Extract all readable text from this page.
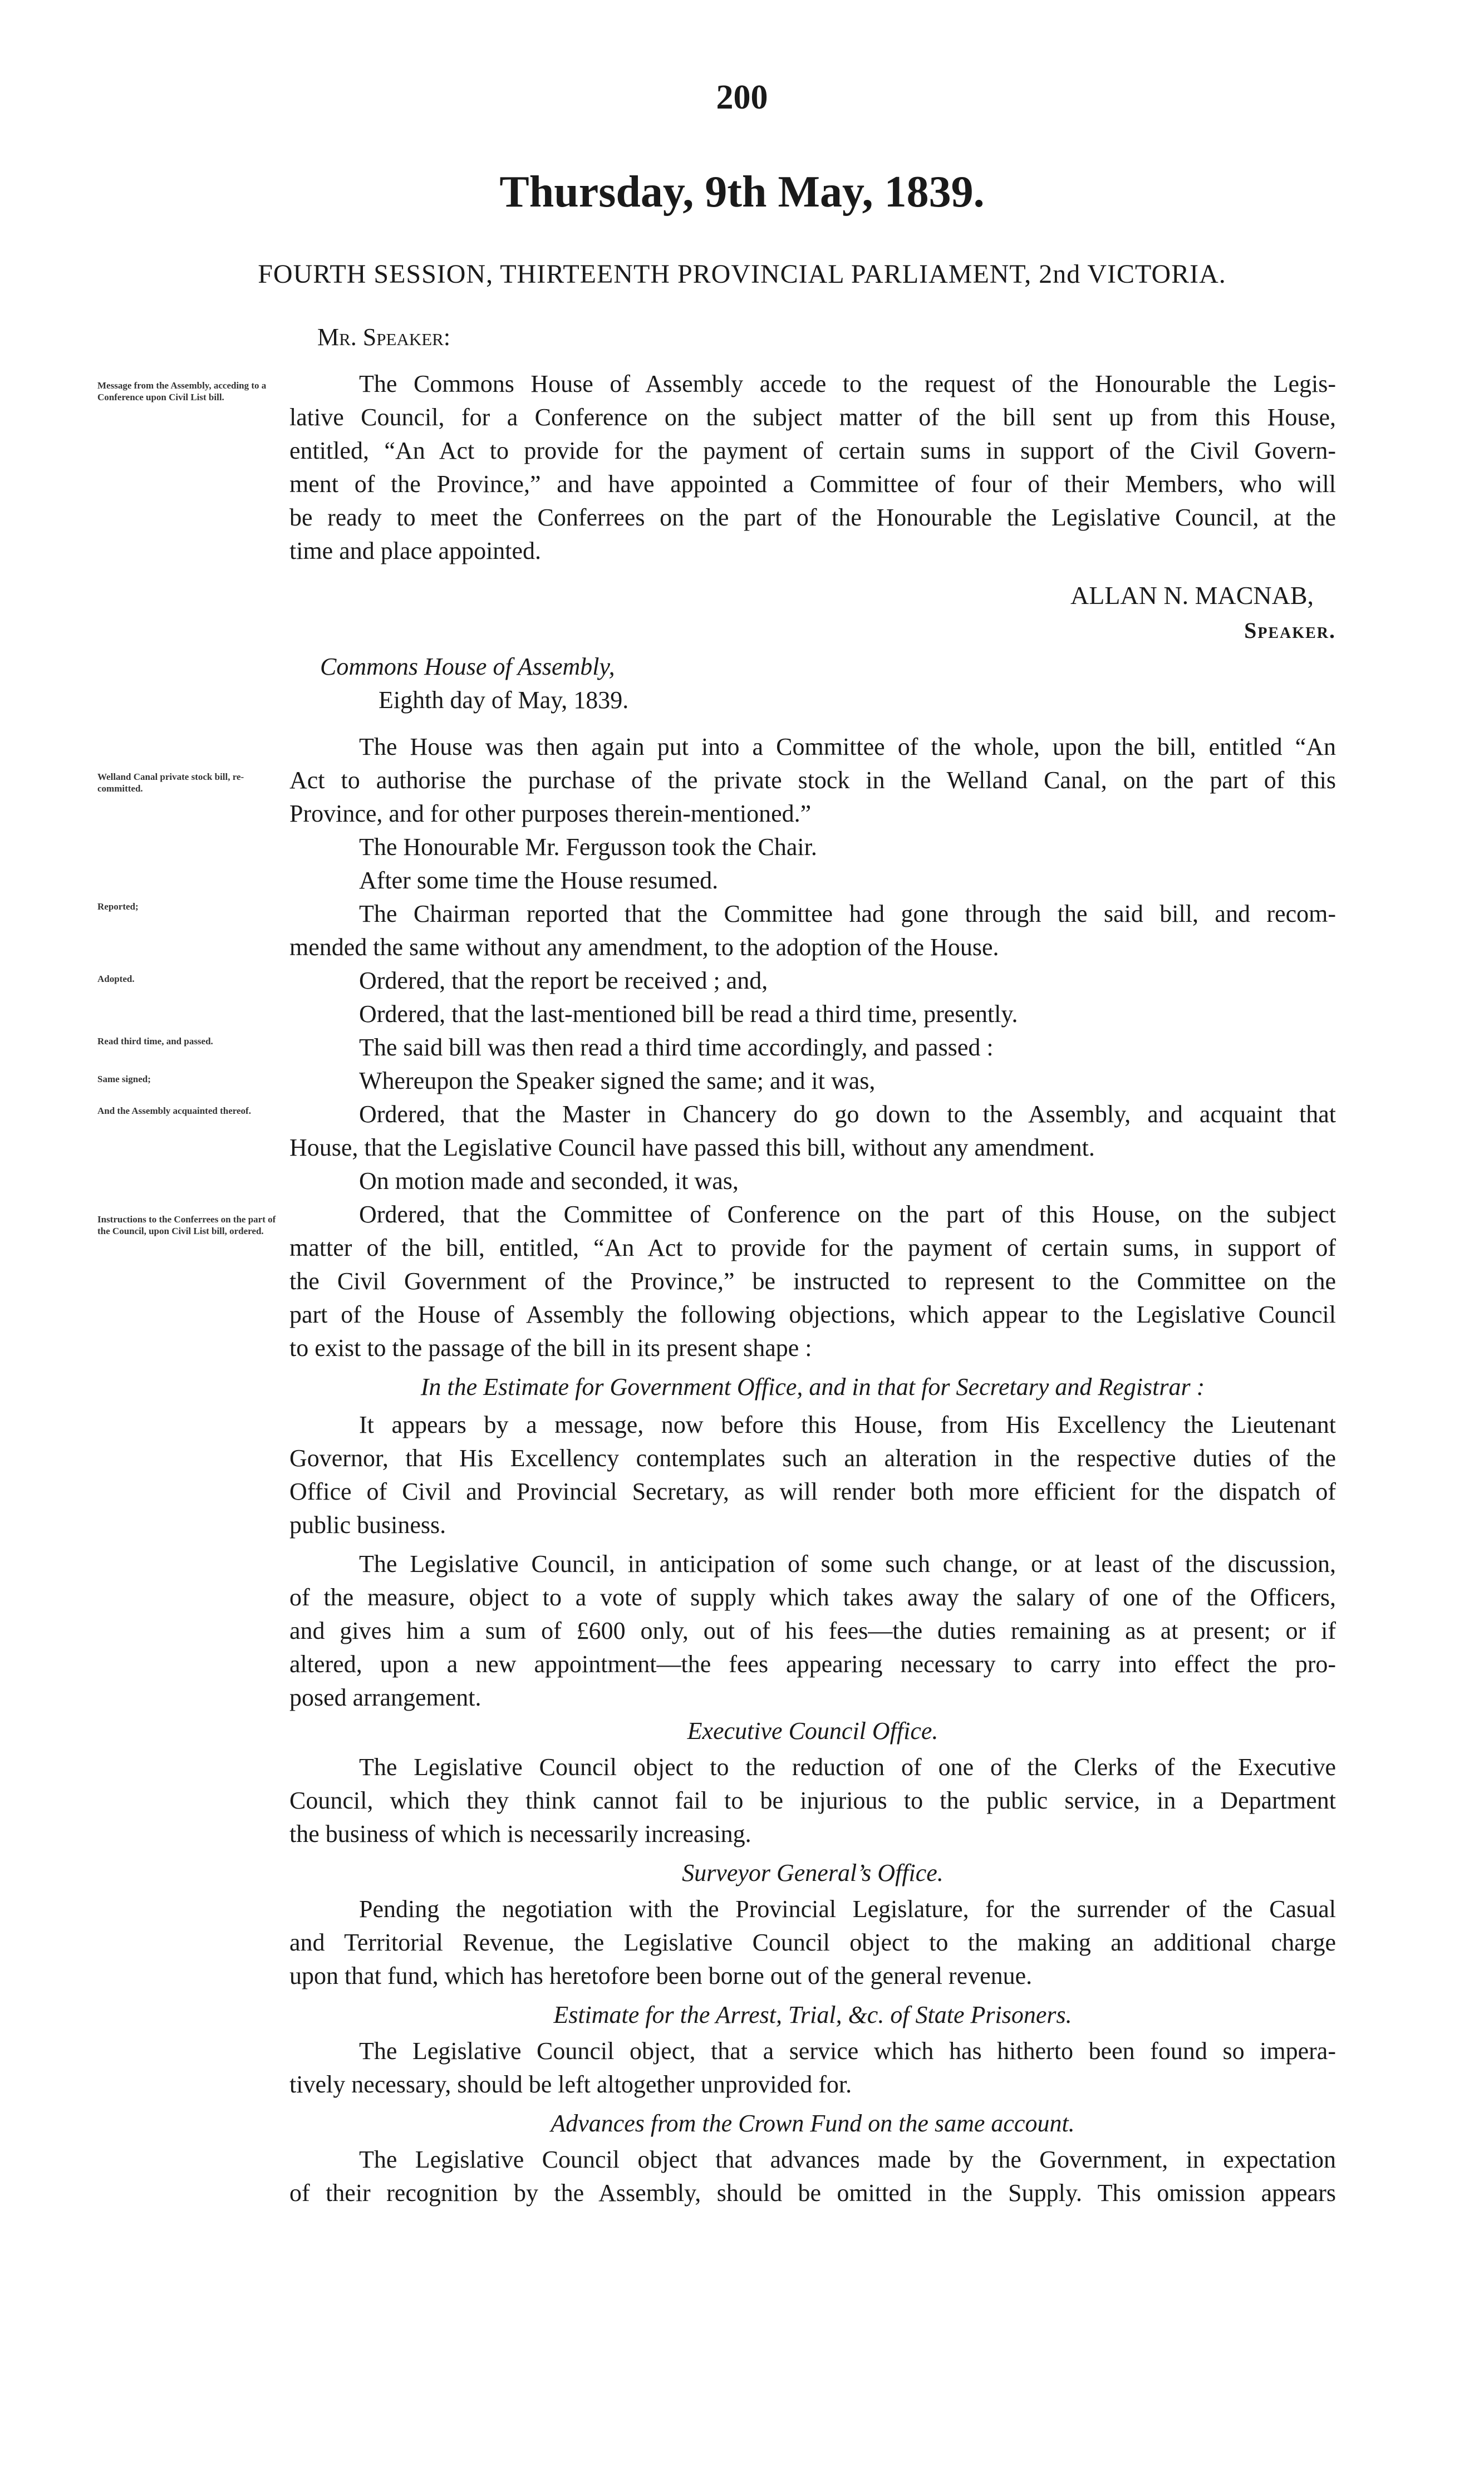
200
Thursday, 9th May, 1839.
FOURTH SESSION, THIRTEENTH PROVINCIAL PARLIAMENT, 2nd VICTORIA.
Mr. Speaker:
Message from the Assembly, acceding to a Conference upon Civil List bill.
Welland Canal private stock bill, re-committed.
Reported;
Adopted.
Read third time, and passed.
Same signed;
And the Assembly acquainted thereof.
Instructions to the Conferrees on the part of the Council, upon Civil List bill, ordered.
The Commons House of Assembly accede to the request of the Honourable the Legis-
lative Council, for a Conference on the subject matter of the bill sent up from this House,
entitled, “An Act to provide for the payment of certain sums in support of the Civil Govern-
ment of the Province,” and have appointed a Committee of four of their Members, who will
be ready to meet the Conferrees on the part of the Honourable the Legislative Council, at the
time and place appointed.
ALLAN N. MACNAB,
Speaker.
Commons House of Assembly,
Eighth day of May, 1839.
The House was then again put into a Committee of the whole, upon the bill, entitled “An
Act to authorise the purchase of the private stock in the Welland Canal, on the part of this
Province, and for other purposes therein-mentioned.”
The Honourable Mr. Fergusson took the Chair.
After some time the House resumed.
The Chairman reported that the Committee had gone through the said bill, and recom-
mended the same without any amendment, to the adoption of the House.
Ordered, that the report be received ; and,
Ordered, that the last-mentioned bill be read a third time, presently.
The said bill was then read a third time accordingly, and passed :
Whereupon the Speaker signed the same; and it was,
Ordered, that the Master in Chancery do go down to the Assembly, and acquaint that
House, that the Legislative Council have passed this bill, without any amendment.
On motion made and seconded, it was,
Ordered, that the Committee of Conference on the part of this House, on the subject
matter of the bill, entitled, “An Act to provide for the payment of certain sums, in support of
the Civil Government of the Province,” be instructed to represent to the Committee on the
part of the House of Assembly the following objections, which appear to the Legislative Council
to exist to the passage of the bill in its present shape :
In the Estimate for Government Office, and in that for Secretary and Registrar :
It appears by a message, now before this House, from His Excellency the Lieutenant
Governor, that His Excellency contemplates such an alteration in the respective duties of the
Office of Civil and Provincial Secretary, as will render both more efficient for the dispatch of
public business.
The Legislative Council, in anticipation of some such change, or at least of the discussion,
of the measure, object to a vote of supply which takes away the salary of one of the Officers,
and gives him a sum of £600 only, out of his fees—the duties remaining as at present; or if
altered, upon a new appointment—the fees appearing necessary to carry into effect the pro-
posed arrangement.
Executive Council Office.
The Legislative Council object to the reduction of one of the Clerks of the Executive
Council, which they think cannot fail to be injurious to the public service, in a Department
the business of which is necessarily increasing.
Surveyor General’s Office.
Pending the negotiation with the Provincial Legislature, for the surrender of the Casual
and Territorial Revenue, the Legislative Council object to the making an additional charge
upon that fund, which has heretofore been borne out of the general revenue.
Estimate for the Arrest, Trial, &c. of State Prisoners.
The Legislative Council object, that a service which has hitherto been found so impera-
tively necessary, should be left altogether unprovided for.
Advances from the Crown Fund on the same account.
The Legislative Council object that advances made by the Government, in expectation
of their recognition by the Assembly, should be omitted in the Supply. This omission appears
